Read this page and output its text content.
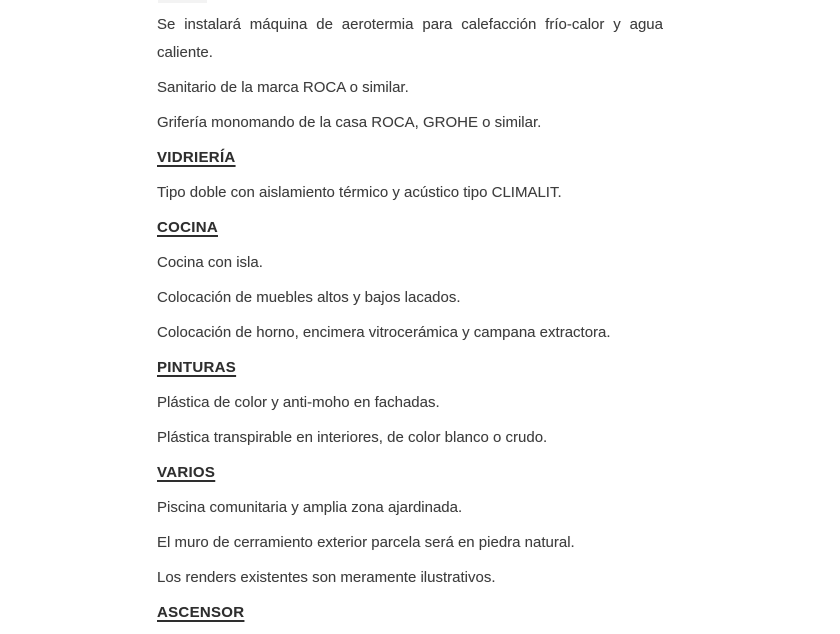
Se instalará máquina de aerotermia para calefacción frío-calor y agua caliente.

Sanitario de la marca ROCA o similar.

Grifería monomando de la casa ROCA, GROHE o similar.

VIDRIERÍA

Tipo doble con aislamiento térmico y acústico tipo CLIMALIT.

COCINA

Cocina con isla.

Colocación de muebles altos y bajos lacados.

Colocación de horno, encimera vitrocerámica y campana extractora.

PINTURAS

Plástica de color y anti-moho en fachadas.

Plástica transpirable en interiores, de color blanco o crudo.

VARIOS

Piscina comunitaria y amplia zona ajardinada.

El muro de cerramiento exterior parcela será en piedra natural.

Los renders existentes son meramente ilustrativos.

ASCENSOR
